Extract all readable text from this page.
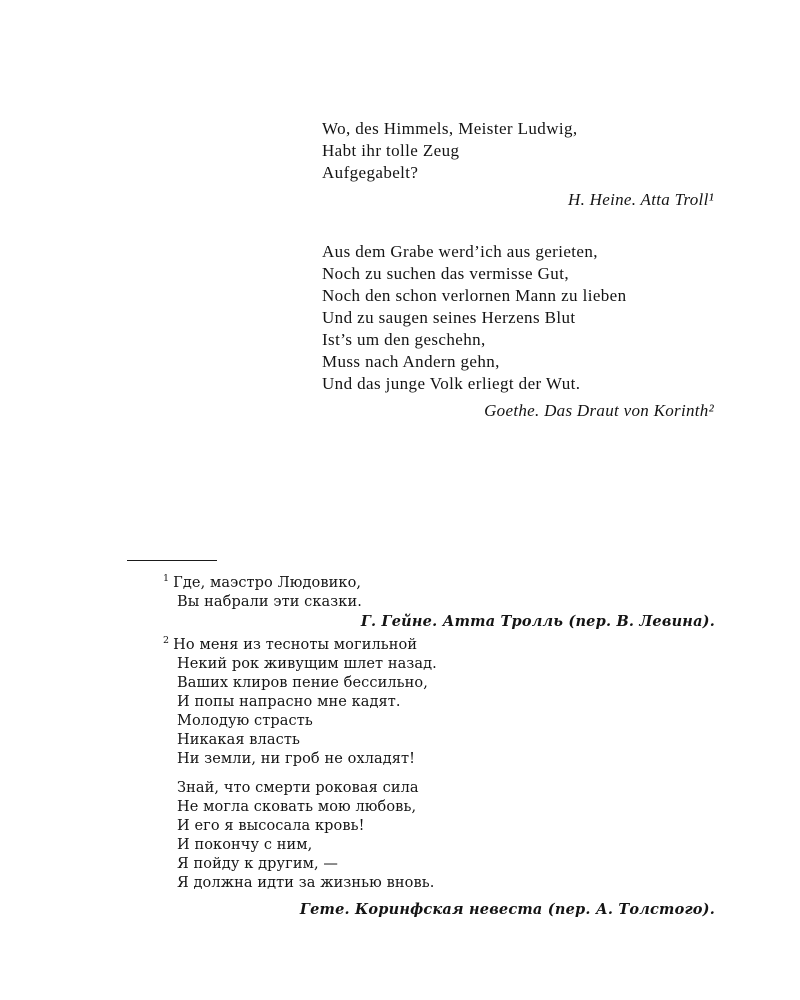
Wo, des Himmels, Meister Ludwig,
Habt ihr tolle Zeug
Aufgegabelt?
H. Heine. Atta Troll¹
Aus dem Grabe werd’ich aus gerieten,
Noch zu suchen das vermisse Gut,
Noch den schon verlornen Mann zu lieben
Und zu saugen seines Herzens Blut
Ist’s um den geschehn,
Muss nach Andern gehn,
Und das junge Volk erliegt der Wut.
Goethe. Das Draut von Korinth²
$^1$ Где, маэстро Людовико,
Вы набрали эти сказки.
Г. Гейне. Атта Тролль (пер. В. Левина).
$^2$ Но меня из тесноты могильной
Некий рок живущим шлет назад.
Ваших клиров пение бессильно,
И попы напрасно мне кадят.
Молодую страсть
Никакая власть
Ни земли, ни гроб не охладят!
Знай, что смерти роковая сила
Не могла сковать мою любовь,
И его я высосала кровь!
И покончу с ним,
Я пойду к другим, —
Я должна идти за жизнью вновь.
Гете. Коринфская невеста (пер. А. Толстого).
